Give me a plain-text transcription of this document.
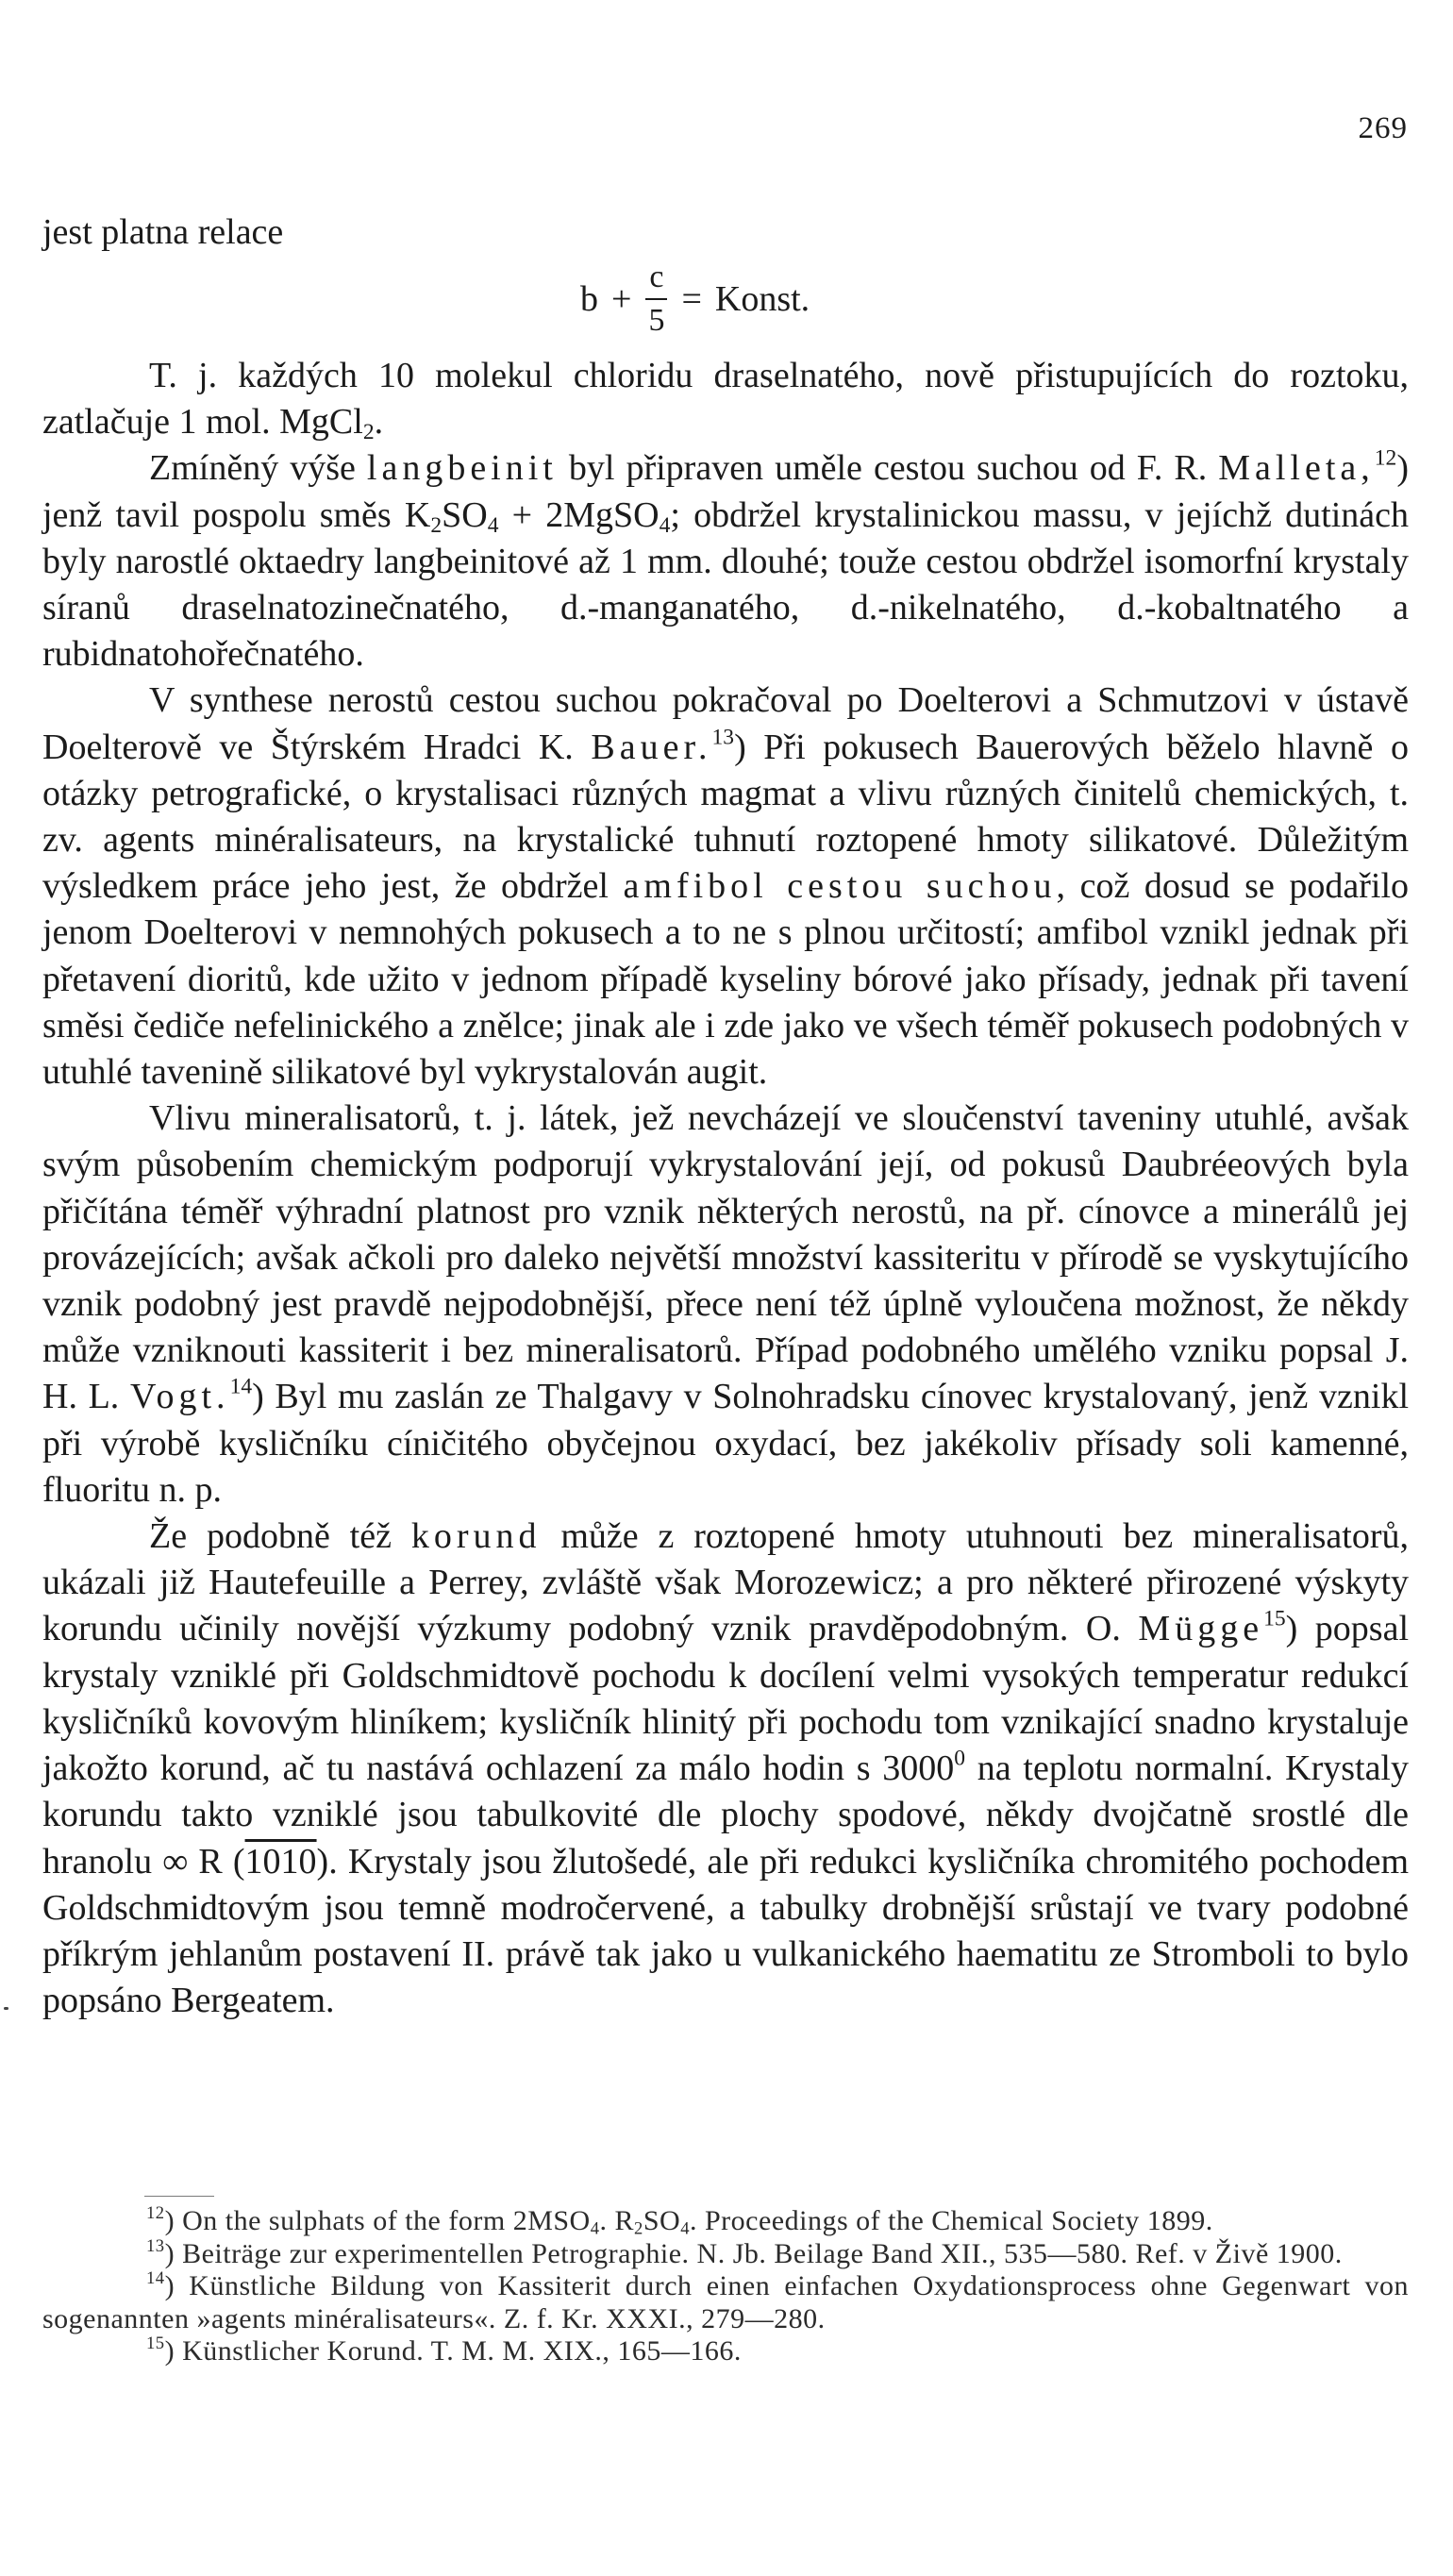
269
jest platna relace
$b + \frac{c}{5}$ = Konst.

T. j. každých 10 molekul chloridu draselnatého, nově přistupujících do roztoku, zatlačuje 1 mol. MgCl$_2$.

Zmíněný výše langbeinit byl připraven uměle cestou suchou od F. R. Malleta,$^{12}$) jenž tavil pospolu směs $K_2SO_4$ + 2MgSO$_4$; obdržel krystalinickou massu, v jejíchž dutinách byly narostlé oktaedry langbeinitové až 1 mm. dlouhé; touže cestou obdržel isomorfní krystaly síranů draselnatozinečnatého, d.-manganatého, d.-nikelnatého, d.-kobaltnatého a rubidnatohořečnatého.

V synthese nerostů cestou suchou pokračoval po Doelterovi a Schmutzovi v ústavě Doelterově ve Štýrském Hradci K. Bauer.$^{13}$) Při pokusech Bauerových běželo hlavně o otázky petrografické, o krystalisaci různých magmat a vlivu různých činitelů chemických, t. zv. agents minéralisateurs, na krystalické tuhnutí roztopené hmoty silikatové. Důležitým výsledkem práce jeho jest, že obdržel amfibol cestou suchou, což dosud se podařilo jenom Doelterovi v nemnohých pokusech a to ne s plnou určitostí; amfibol vznikl jednak při přetavení dioritů, kde užito v jednom případě kyseliny bórové jako přísady, jednak při tavení směsi čediče nefelinického a znělce; jinak ale i zde jako ve všech téměř pokusech podobných v utuhlé tavenině silikatové byl vykrystalován augit.

Vlivu mineralisatorů, t. j. látek, jež nevcházejí ve sloučenství taveniny utuhlé, avšak svým působením chemickým podporují vykrystalování její, od pokusů Daubréeových byla přičítána téměř výhradní platnost pro vznik některých nerostů, na př. cínovce a minerálů jej provázejících; avšak ačkoli pro daleko největší množství kassiteritu v přírodě se vyskytujícího vznik podobný jest pravdě nejpodobnější, přece není též úplně vyloučena možnost, že někdy může vzniknouti kassiterit i bez mineralisatorů. Případ podobného umělého vzniku popsal J. H. L. Vogt.$^{14}$) Byl mu zaslán ze Thalgavy v Solnohradsku cínovec krystalovaný, jenž vznikl při výrobě kysličníku cíničitého obyčejnou oxydací, bez jakékoliv přísady soli kamenné, fluoritu n. p.

Že podobně též korund může z roztopené hmoty utuhnouti bez mineralisatorů, ukázali již Hautefeuille a Perrey, zvláště však Morozewicz; a pro některé přirozené výskyty korundu učinily novější výzkumy podobný vznik pravděpodobným. O. Mügge$^{15}$) popsal krystaly vzniklé při Goldschmidtově pochodu k docílení velmi vysokých temperatur redukcí kysličníků kovovým hliníkem; kysličník hlinitý při pochodu tom vznikající snadno krystaluje jakožto korund, ač tu nastává ochlazení za málo hodin s 3000$^0$ na teplotu normalní. Krystaly korundu takto vzniklé jsou tabulkovité dle plochy spodové, někdy dvojčatně srostlé dle hranolu ∞ R (1010). Krystaly jsou žlutošedé, ale při redukci kysličníka chromitého pochodem Goldschmidtovým jsou temně modročervené, a tabulky drobnější srůstají ve tvary podobné příkrým jehlanům postavení II. právě tak jako u vulkanického haematitu ze Stromboli to bylo popsáno Bergeatem.

$^{12}$) On the sulphats of the form $2MSO_4$. $R_2SO_4$. Proceedings of the Chemical Society 1899.

$^{13}$) Beiträge zur experimentellen Petrographie. N. Jb. Beilage Band XII., 535—580. Ref. v Živě 1900.

$^{14}$) Künstliche Bildung von Kassiterit durch einen einfachen Oxydationsprocess ohne Gegenwart von sogenannten »agents minéralisateurs«. Z. f. Kr. XXXI., 279—280.

$^{15}$) Künstlicher Korund. T. M. M. XIX., 165—166.
